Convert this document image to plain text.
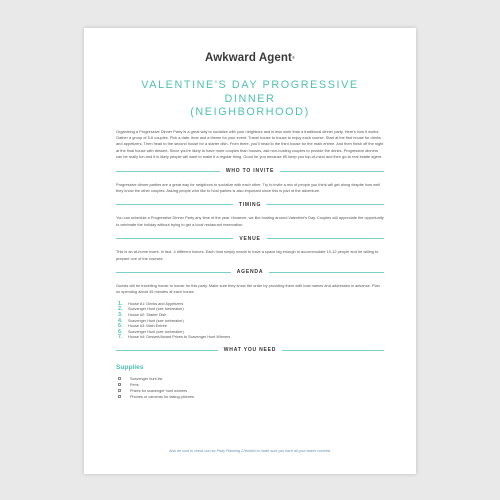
Awkward Agent®
VALENTINE'S DAY PROGRESSIVE DINNER
(NEIGHBORHOOD)

Organizing a Progressive Dinner Party is a great way to socialize with your neighbors and is less work than a traditional dinner party. Here's how it works: Gather a group of 5-6 couples. Pick a date, time and a theme for your event. Travel house to house to enjoy each course. Start at the first house for drinks and appetizers. Then head to the second house for a starter dish. From there, you'll head to the third house for the main entrée. And then finish off the night at the final house with dessert. Since you're likely to have more couples than houses, ask non-hosting couples to provide the drinks. Progressive dinners can be really fun and it is likely people will want to make it a regular thing. Good for you because it'll keep you top-of-mind and then go-to real estate agent.

WHO TO INVITE

Progressive dinner parties are a great way for neighbors to socialize with each other. Try to invite a mix of people you think will get along despite how well they know the other couples. Asking people who like to host parties is also important since this is part of the adventure.

TIMING

You can schedule a Progressive Dinner Party any time of the year. However, we like hosting around Valentine's Day. Couples will appreciate the opportunity to celebrate the holiday without trying to get a local restaurant reservation.

VENUE

This is an at-home event. In fact, 4 different homes. Each host simply needs to have a space big enough to accommodate 10-12 people and be willing to prepare one of the courses.

AGENDA

Guests will be travelling house to house for this party. Make sure they know the order by providing them with host names and addresses in advance. Plan on spending about 45 minutes at each house.

1.	House #1: Drinks and Appetizers
2.	Scavenger Hunt (see icebreaker)
3.	House #2: Starter Dish
4.	Scavenger Hunt (see icebreaker)
5.	House #3: Main Entrée
6.	Scavenger Hunt (see icebreaker)
7.	House #4: Dessert/Award Prizes to Scavenger Hunt Winners
WHAT YOU NEED
Supplies
Scavenger hunt list
Pens
Prizes for scavenger hunt winners
Phones or cameras for taking pictures
Also be sure to check out our Party Planning Checklist to make sure you have all your bases covered.
